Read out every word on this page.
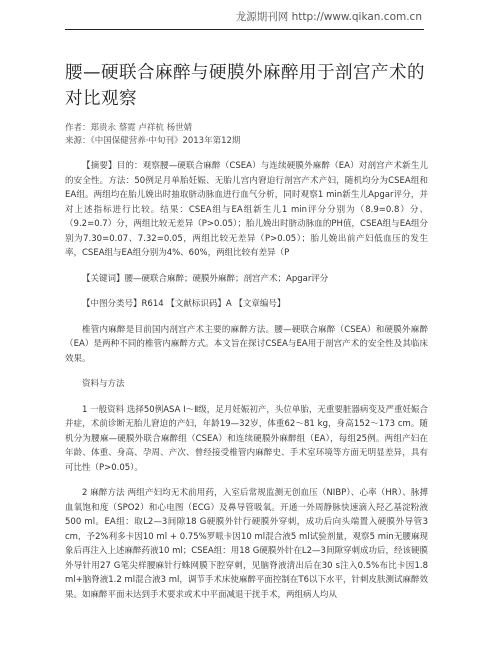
龙源期刊网 http://www.qikan.com.cn
腰—硬联合麻醉与硬膜外麻醉用于剖宫产术的对比观察
作者：郑贵永 蔡霓 卢祥杭 杨世婧
来源：《中国保健营养·中旬刊》2013年第12期

【摘要】目的：观察腰—硬联合麻醉（CSEA）与连续硬膜外麻醉（EA）对剖宫产术新生儿的安全性。方法：50例足月单胎妊娠、无胎儿宫内窘迫行剖宫产术产妇，随机均分为CSEA组和EA组。两组均在胎儿娩出时抽取脐动脉血进行血气分析，同时观察1 min新生儿Apgar评分，并对上述指标进行比较。结果：CSEA组与EA组新生儿1 min评分分别为（8.9=0.8）分、（9.2=0.7）分，两组比较无差异（P>0.05）；胎儿娩出时脐动脉血的PH值，CSEA组与EA组分别为7.30=0.07、7.32=0.05，两组比较无差异（P>0.05）；胎儿娩出前产妇低血压的发生率，CSEA组与EA组分别为4%、60%，两组比较有差异（P

【关键词】腰—硬联合麻醉；硬膜外麻醉；剖宫产术；Apgar评分

【中图分类号】R614 【文献标识码】A 【文章编号】

椎管内麻醉是目前国内剖宫产术主要的麻醉方法。腰—硬联合麻醉（CSEA）和硬膜外麻醉（EA）是两种不同的椎管内麻醉方式。本文旨在探讨CSEA与EA用于剖宫产术的安全性及其临床效果。

资料与方法

1 一般资料 选择50例ASA Ⅰ～Ⅱ级，足月妊娠初产，头位单胎，无重要脏器病变及严重妊娠合并症，术前诊断无胎儿窘迫的产妇，年龄19—32岁，体重62～81 kg，身高152～173 cm。随机分为腰麻—硬膜外联合麻醉组（CSEA）和连续硬膜外麻醉组（EA），每组25例。两组产妇在年龄、体重、身高、孕周、产次、曾经接受椎管内麻醉史、手术室环境等方面无明显差异，具有可比性（P>0.05）。

2 麻醉方法 两组产妇均无术前用药，入室后常规监测无创血压（NIBP）、心率（HR）、脉搏血氧饱和度（SPO2）和心电图（ECG）及鼻导管吸氧。开通一外周静脉快速滴入羟乙基淀粉液500 ml。EA组：取L2—3间隙18 G硬膜外针行硬膜外穿刺，成功后向头端置入硬膜外导管3 cm，予2%利多卡因10 ml + 0.75%罗哌卡因10 ml混合液5 ml试验剂量，观察5 min无腰麻现象后再注入上述麻醉药液10 ml；CSEA组：用18 G硬膜外针在L2—3间隙穿刺成功后，经该硬膜外导针用27 G笔尖样腰麻针行蛛网膜下腔穿刺，见脑脊液清出后在30 s注入0.5%布比卡因1.8 ml+脑脊液1.2 ml混合液3 ml，调节手术床使麻醉平面控制在T6以下水平，针刺皮肤测试麻醉效果。如麻醉平面未达到手术要求或术中平面减退干扰手术，两组病人均从
